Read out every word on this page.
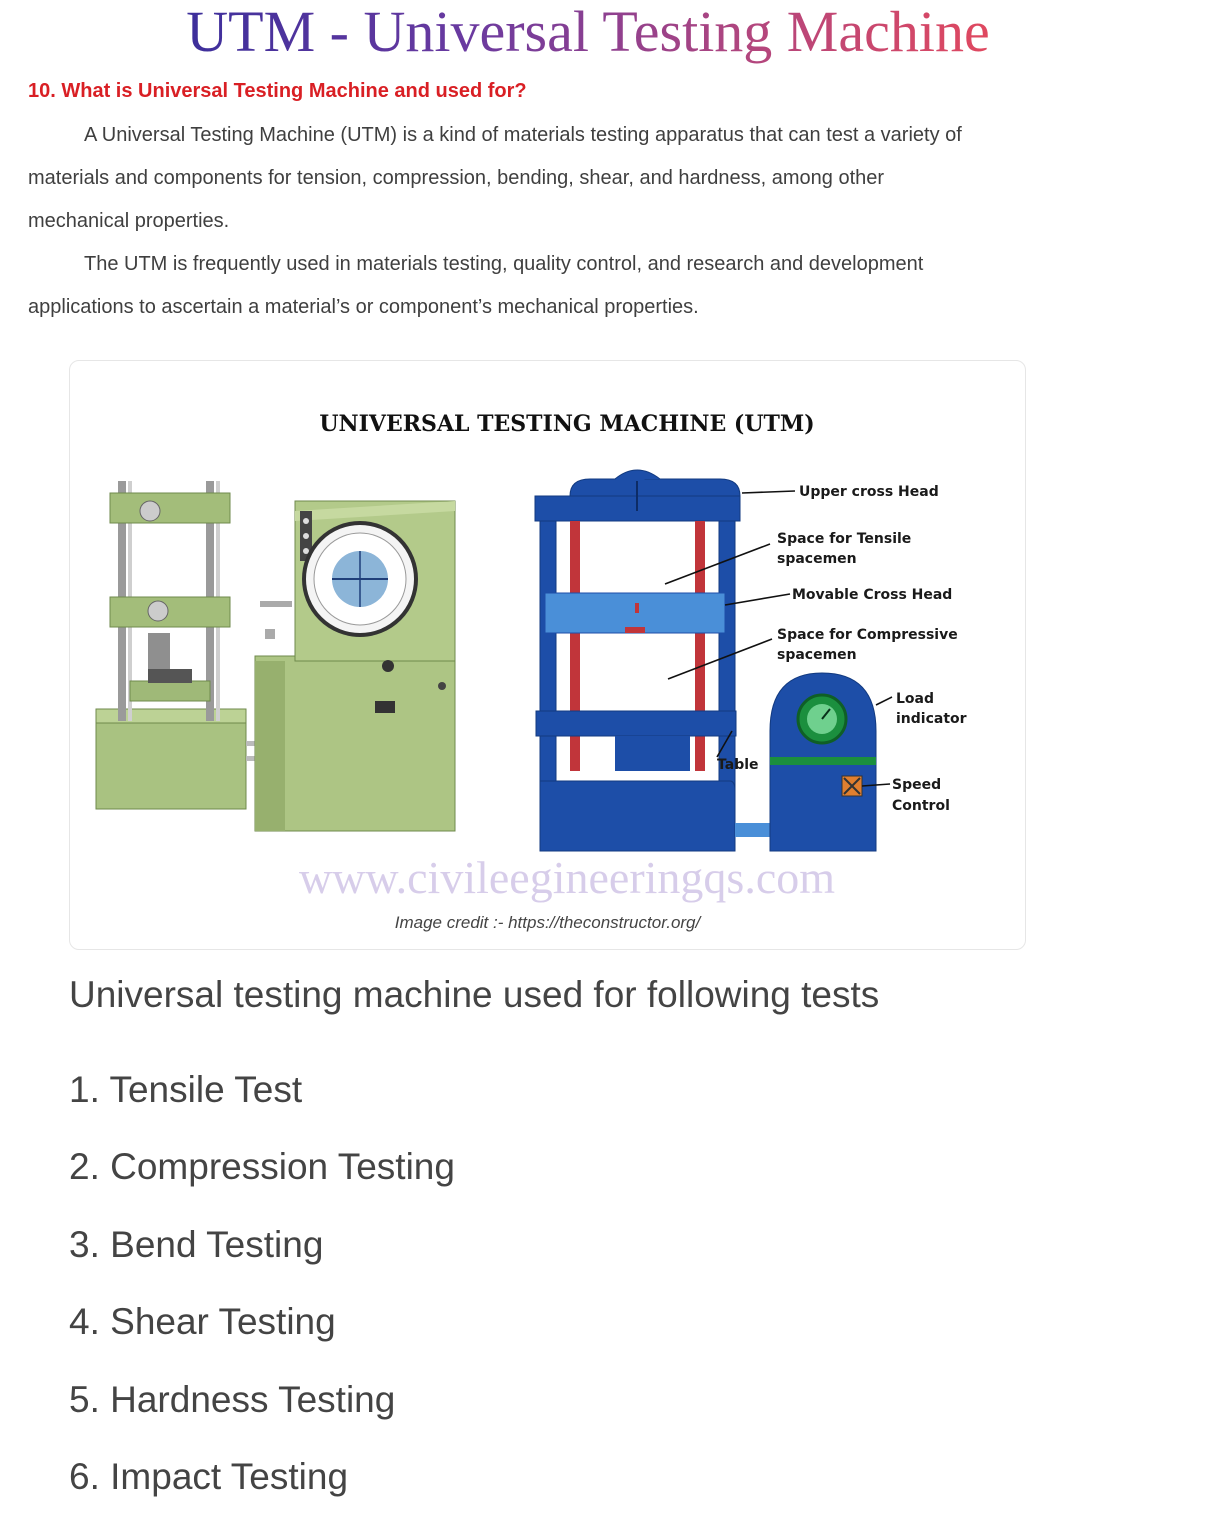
UTM - Universal Testing Machine
10. What is Universal Testing Machine and used for?
A Universal Testing Machine (UTM) is a kind of materials testing apparatus that can test a variety of
materials and components for tension, compression, bending, shear, and hardness, among other
mechanical properties.
The UTM is frequently used in materials testing, quality control, and research and development
applications to ascertain a material’s or component’s mechanical properties.
UNIVERSAL TESTING MACHINE (UTM)
Upper cross Head
Space for Tensile
spacemen
Movable Cross Head
Space for Compressive
spacemen
Load
indicator
Speed
Control
Table
www.civileegineeringqs.com
Image credit :- https://theconstructor.org/
Universal testing machine used for following tests
1. Tensile Test
2. Compression Testing
3. Bend Testing
4. Shear Testing
5. Hardness Testing
6. Impact Testing
